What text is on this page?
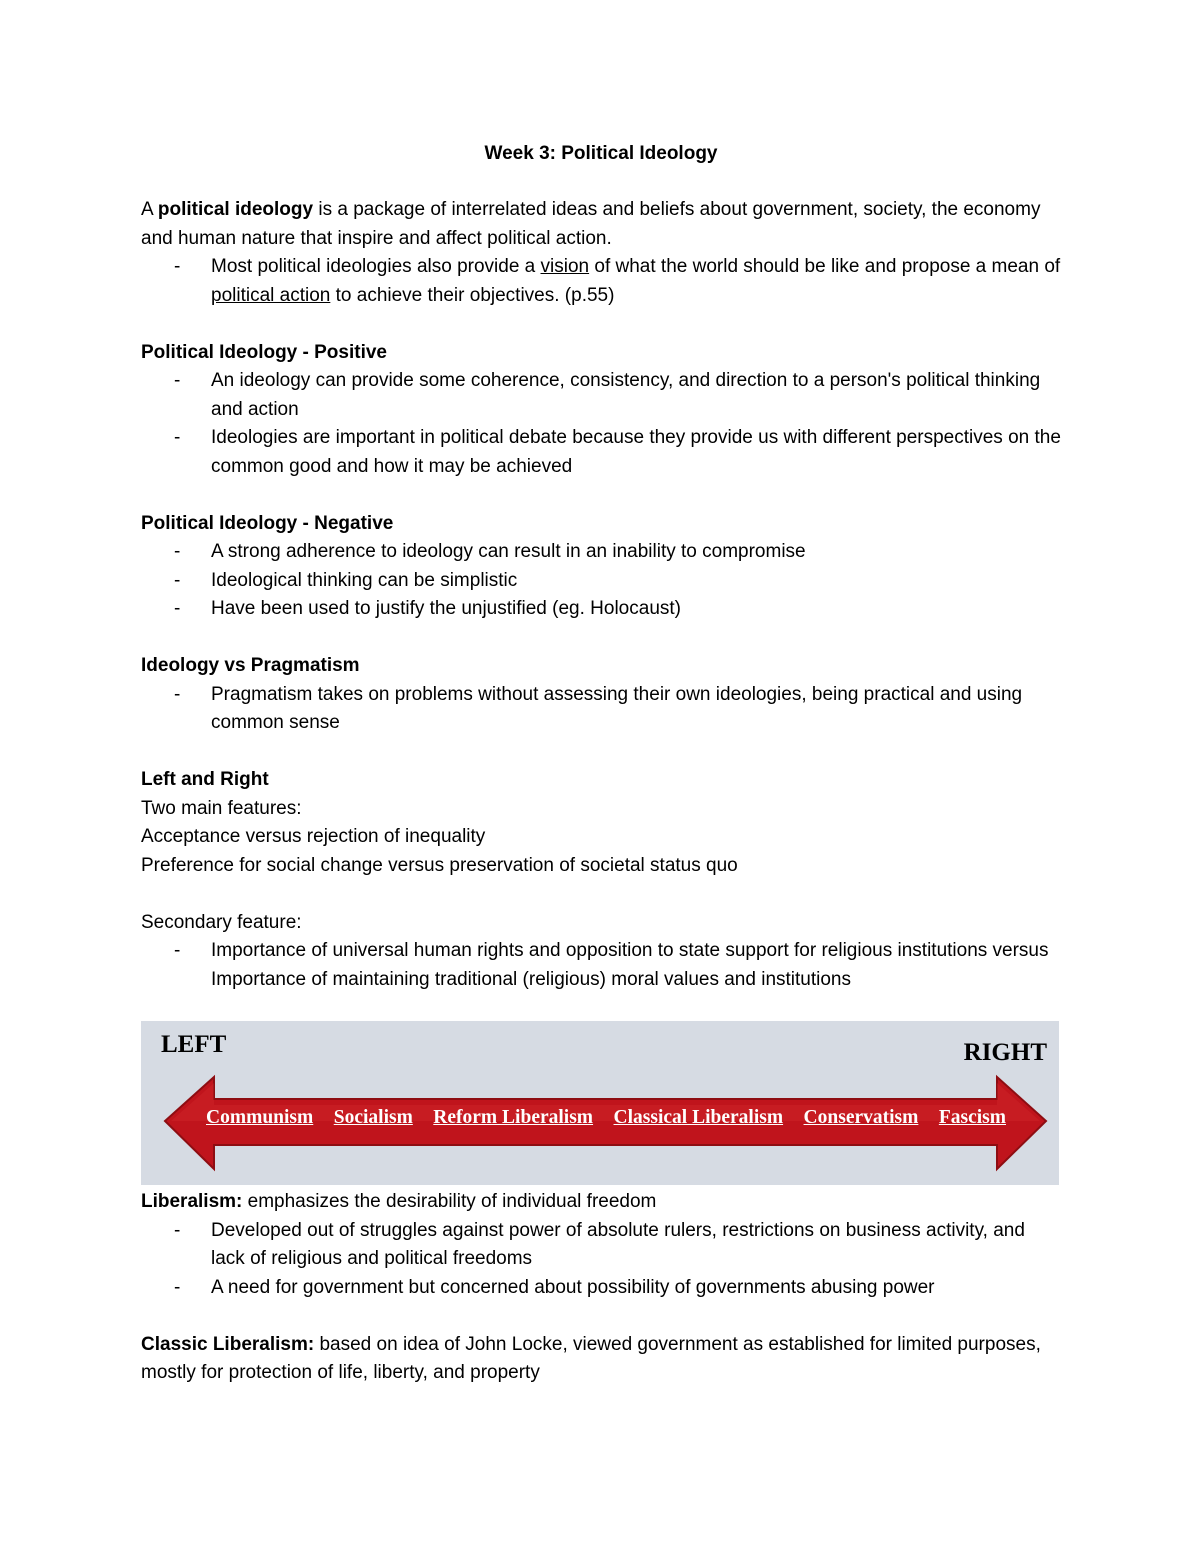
Week 3: Political Ideology

A political ideology is a package of interrelated ideas and beliefs about government, society, the economy and human nature that inspire and affect political action.

- Most political ideologies also provide a vision of what the world should be like and propose a mean of political action to achieve their objectives. (p.55)

Political Ideology - Positive

- An ideology can provide some coherence, consistency, and direction to a person's political thinking and action
- Ideologies are important in political debate because they provide us with different perspectives on the common good and how it may be achieved

Political Ideology - Negative

- A strong adherence to ideology can result in an inability to compromise
- Ideological thinking can be simplistic
- Have been used to justify the unjustified (eg. Holocaust)

Ideology vs Pragmatism

- Pragmatism takes on problems without assessing their own ideologies, being practical and using common sense

Left and Right

Two main features:

Acceptance versus rejection of inequality

Preference for social change versus preservation of societal status quo

Secondary feature:

- Importance of universal human rights and opposition to state support for religious institutions versus Importance of maintaining traditional (religious) moral values and institutions
LEFT	RIGHT
Communism Socialism Reform Liberalism Classical Liberalism Conservatism Fascism

Liberalism: emphasizes the desirability of individual freedom

- Developed out of struggles against power of absolute rulers, restrictions on business activity, and lack of religious and political freedoms
- A need for government but concerned about possibility of governments abusing power

Classic Liberalism: based on idea of John Locke, viewed government as established for limited purposes, mostly for protection of life, liberty, and property
